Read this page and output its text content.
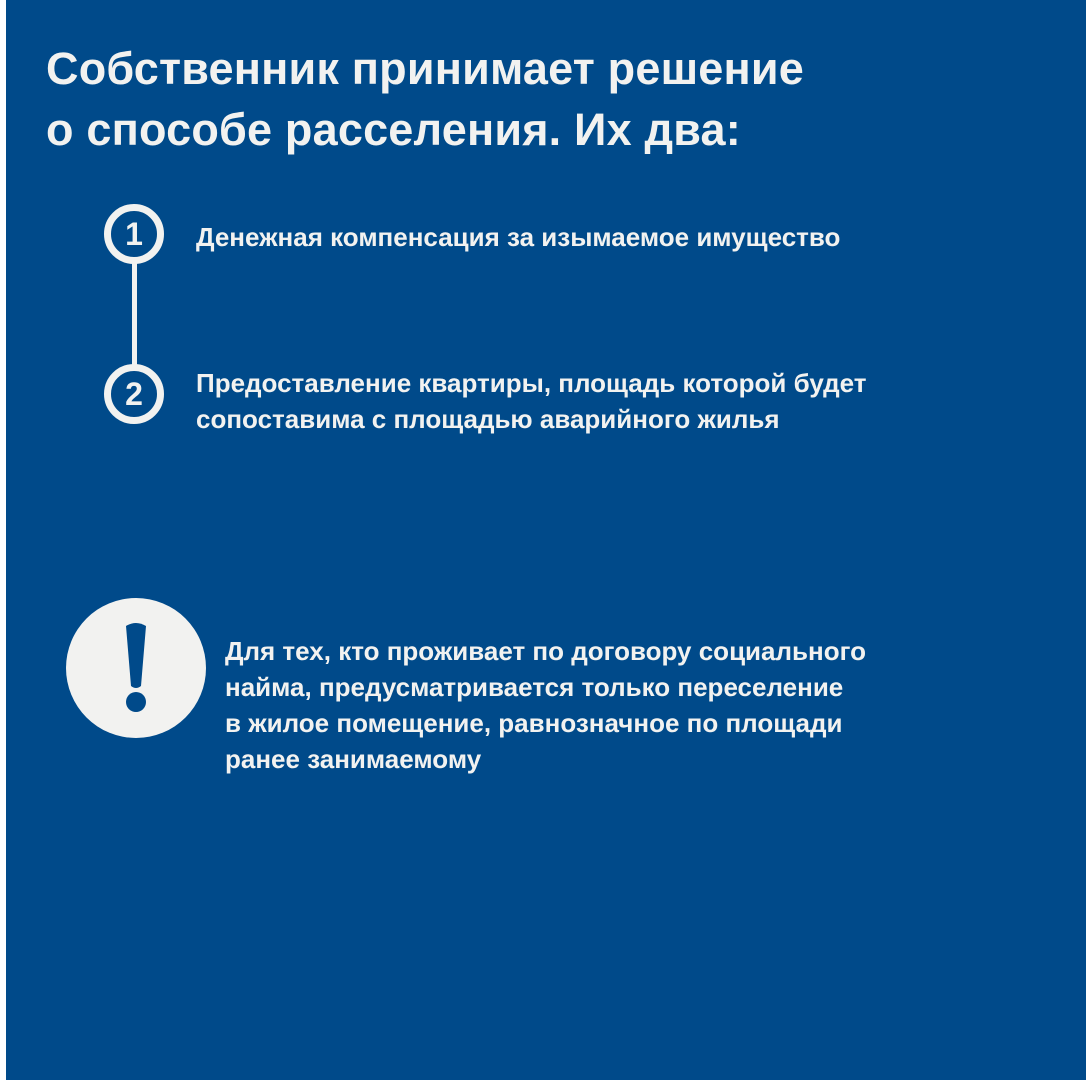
Собственник принимает решение
о способе расселения. Их два:
1 Денежная компенсация за изымаемое имущество

2 Предоставление квартиры, площадь которой будет
сопоставима с площадью аварийного жилья

Для тех, кто проживает по договору социального
найма, предусматривается только переселение
в жилое помещение, равнозначное по площади
ранее занимаемому
